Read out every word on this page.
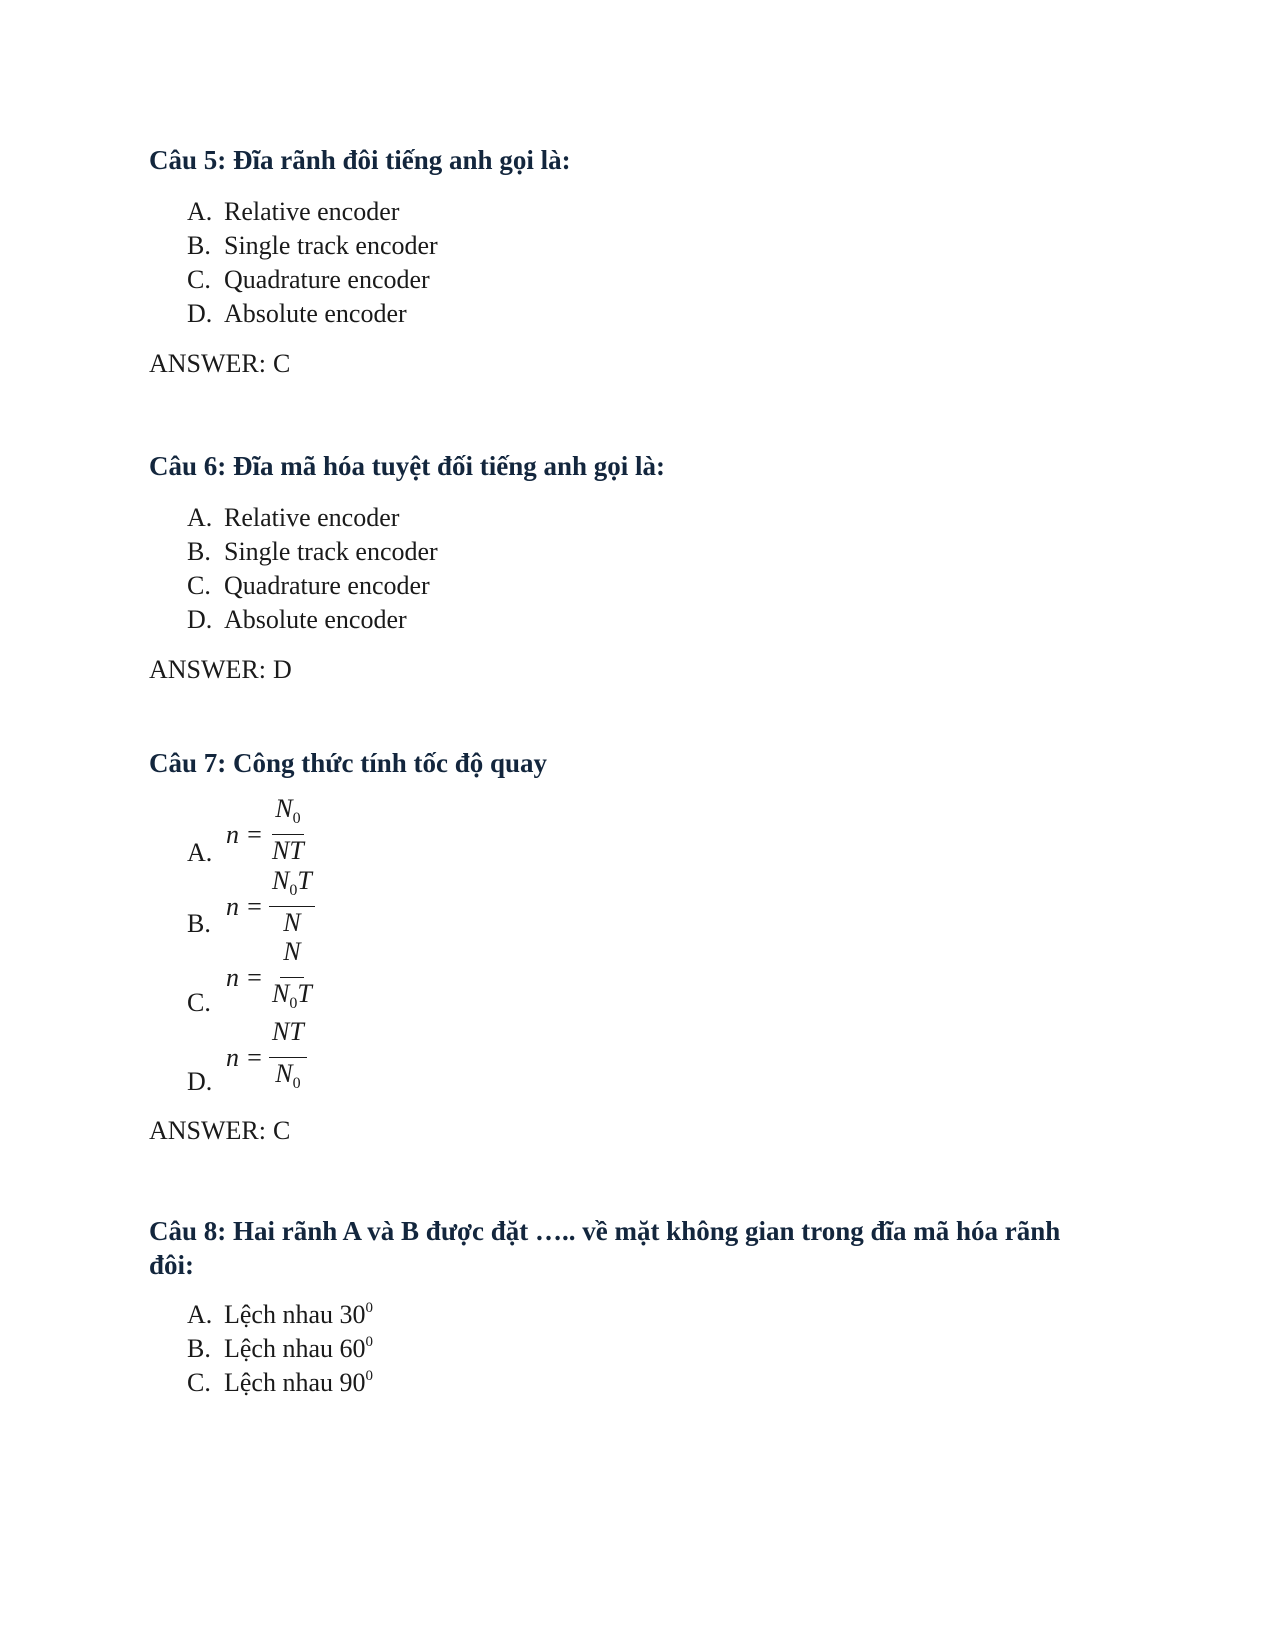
Câu 5: Đĩa rãnh đôi tiếng anh gọi là:
A. Relative encoder
B. Single track encoder
C. Quadrature encoder
D. Absolute encoder
ANSWER: C
Câu 6: Đĩa mã hóa tuyệt đối tiếng anh gọi là:
A. Relative encoder
B. Single track encoder
C. Quadrature encoder
D. Absolute encoder
ANSWER: D
Câu 7: Công thức tính tốc độ quay
A.
$n = \frac{N_0}{NT}$
B.
$n = \frac{N_0T}{N}$
C.
$n = \frac{N}{N_0T}$
D.
$n = \frac{NT}{N_0}$
ANSWER: C
Câu 8: Hai rãnh A và B được đặt ….. về mặt không gian trong đĩa mã hóa rãnh đôi:
A. Lệch nhau $30^0$
B. Lệch nhau $60^0$
C. Lệch nhau $90^0$
